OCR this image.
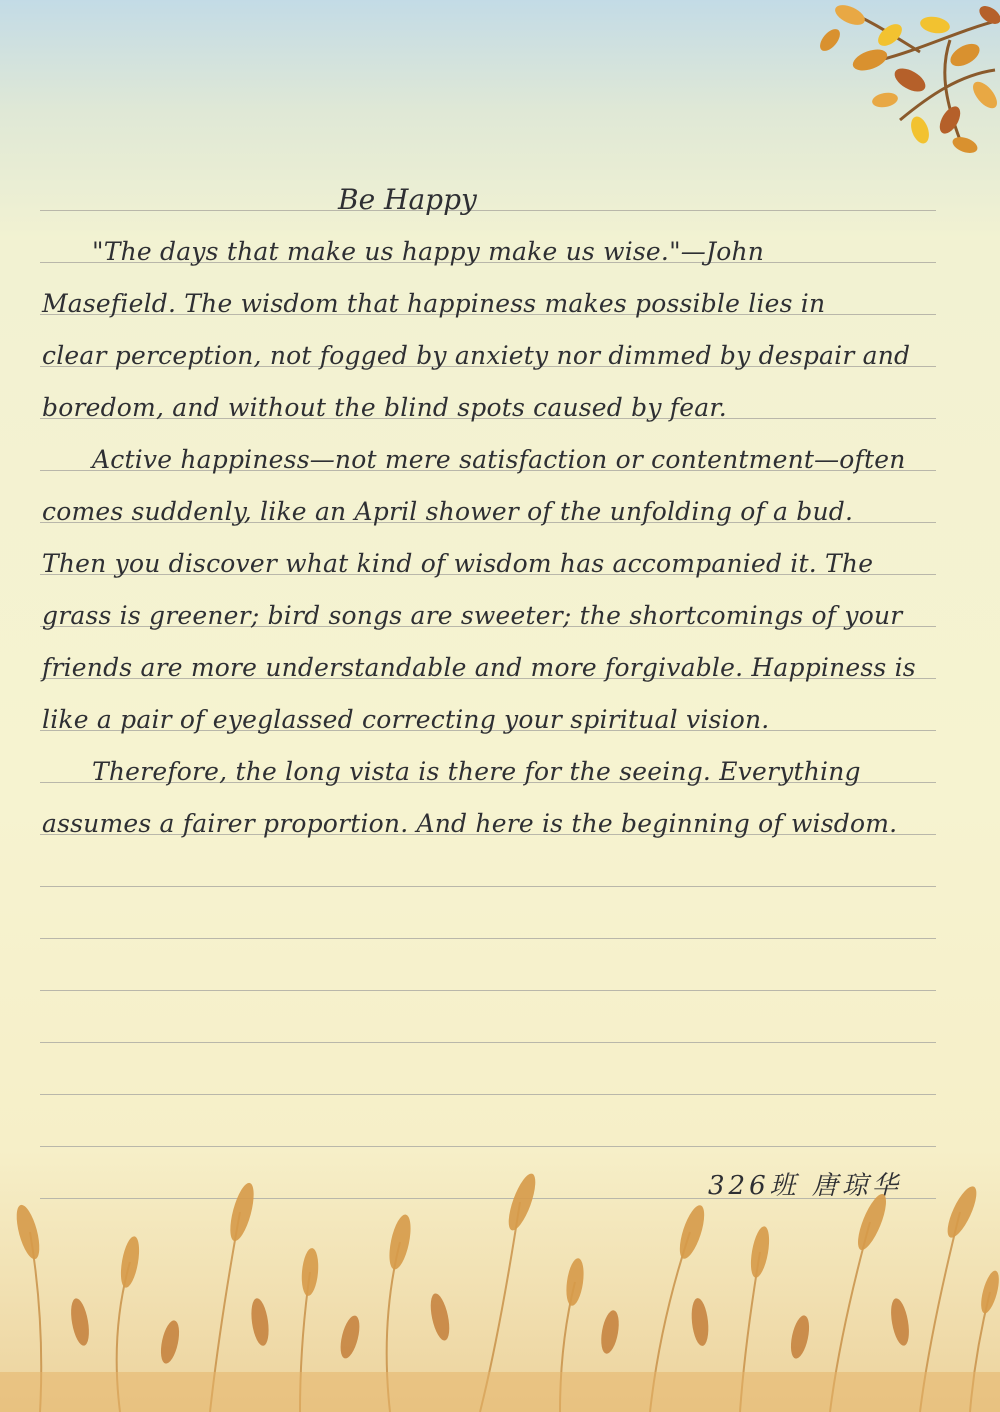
Be Happy
"The days that make us happy make us wise."—John
Masefield. The wisdom that happiness makes possible lies in
clear perception, not fogged by anxiety nor dimmed by despair and
boredom, and without the blind spots caused by fear.
Active happiness—not mere satisfaction or contentment—often
comes suddenly, like an April shower of the unfolding of a bud.
Then you discover what kind of wisdom has accompanied it. The
grass is greener; bird songs are sweeter; the shortcomings of your
friends are more understandable and more forgivable. Happiness is
like a pair of eyeglassed correcting your spiritual vision.
Therefore, the long vista is there for the seeing. Everything
assumes a fairer proportion. And here is the beginning of wisdom.
326班 唐琼华
